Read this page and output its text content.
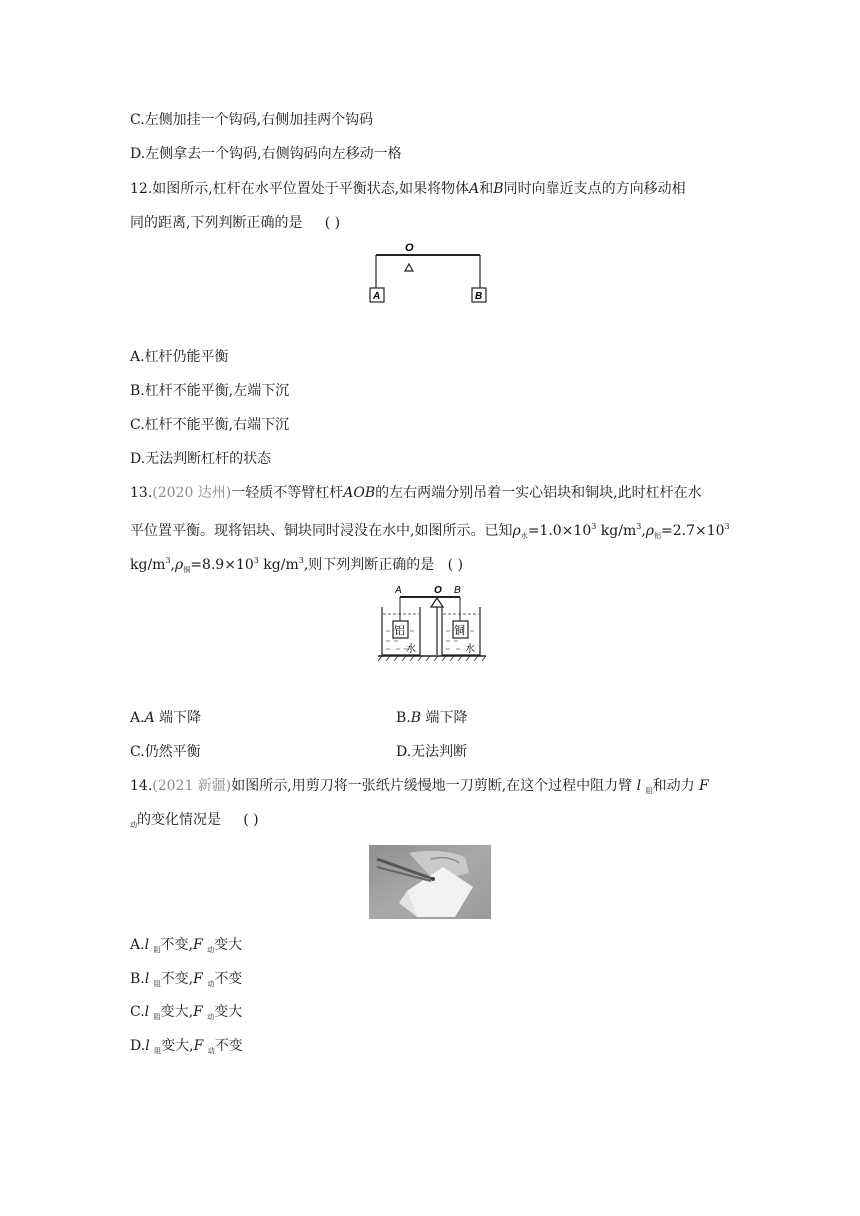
C.左侧加挂一个钩码,右侧加挂两个钩码
D.左侧拿去一个钩码,右侧钩码向左移动一格
12.如图所示,杠杆在水平位置处于平衡状态,如果将物体A和B同时向靠近支点的方向移动相
同的距离,下列判断正确的是 ( )
O
A	B
A.杠杆仍能平衡
B.杠杆不能平衡,左端下沉
C.杠杆不能平衡,右端下沉
D.无法判断杠杆的状态
13.(2020 达州)一轻质不等臂杠杆AOB的左右两端分别吊着一实心铝块和铜块,此时杠杆在水
平位置平衡。现将铝块、铜块同时浸没在水中,如图所示。已知$\rho_水=1.0\times 10^3$ $kg/m^3,\rho_铝=2.7\times 10^3$
$kg/m^3,\rho_铜=8.9\times 10^3$ $kg/m^3$,则下列判断正确的是 ( )
A	O B
铝
水
铜
水
A.A 端下降	B.B 端下降
C.仍然平衡	D.无法判断
14.(2021 新疆)如图所示,用剪刀将一张纸片缓慢地一刀剪断,在这个过程中阻力臂 l $_阻$和动力 F
$_动$的变化情况是 ( )
A.l $_阻$不变,F $_动$变大
B.l $_阻$不变,F $_动$不变
C.l $_阻$变大,F $_动$变大
D.l $_阻$变大,F $_动$不变
